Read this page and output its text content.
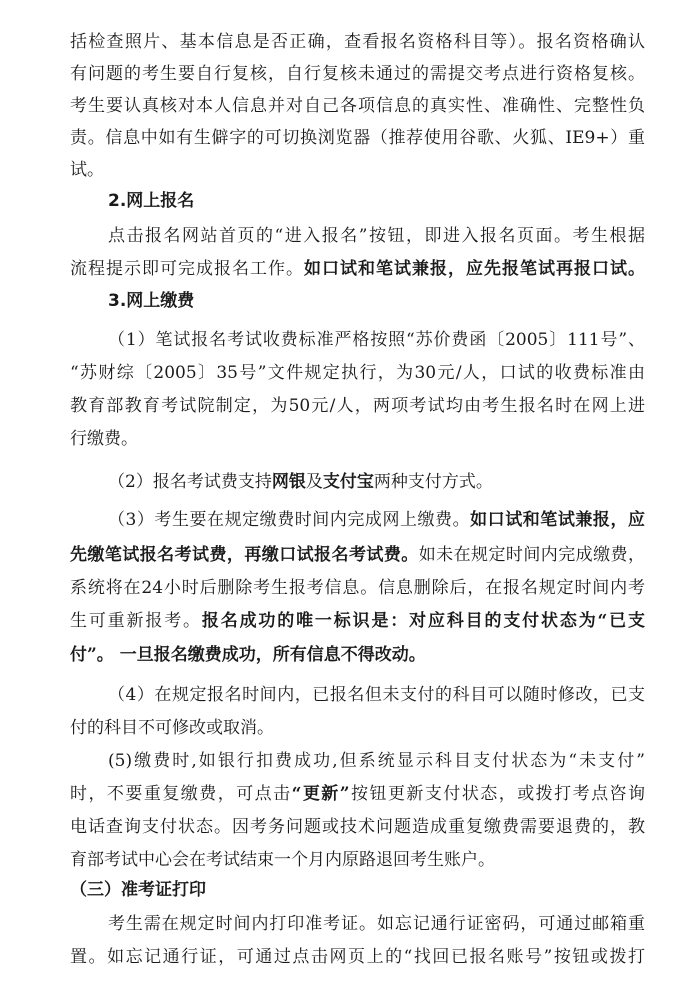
括检查照片、基本信息是否正确，查看报名资格科目等）。报名资格确认
有问题的考生要自行复核，自行复核未通过的需提交考点进行资格复核。
考生要认真核对本人信息并对自己各项信息的真实性、准确性、完整性负
责。信息中如有生僻字的可切换浏览器（推荐使用谷歌、火狐、IE9+）重
试。
2.网上报名
点击报名网站首页的“进入报名”按钮，即进入报名页面。考生根据
流程提示即可完成报名工作。如口试和笔试兼报，应先报笔试再报口试。
3.网上缴费
（1）笔试报名考试收费标准严格按照“苏价费函〔2005〕111号”、
“苏财综〔2005〕35号”文件规定执行，为30元/人，口试的收费标准由
教育部教育考试院制定，为50元/人，两项考试均由考生报名时在网上进
行缴费。
（2）报名考试费支持网银及支付宝两种支付方式。
（3）考生要在规定缴费时间内完成网上缴费。如口试和笔试兼报，应
先缴笔试报名考试费，再缴口试报名考试费。如未在规定时间内完成缴费，
系统将在24小时后删除考生报考信息。信息删除后，在报名规定时间内考
生可重新报考。报名成功的唯一标识是：对应科目的支付状态为“已支
付”。 一旦报名缴费成功，所有信息不得改动。
（4）在规定报名时间内，已报名但未支付的科目可以随时修改，已支
付的科目不可修改或取消。
(5)缴费时,如银行扣费成功,但系统显示科目支付状态为“未支付”
时，不要重复缴费，可点击“更新”按钮更新支付状态，或拨打考点咨询
电话查询支付状态。因考务问题或技术问题造成重复缴费需要退费的，教
育部考试中心会在考试结束一个月内原路退回考生账户。
（三）准考证打印
考生需在规定时间内打印准考证。如忘记通行证密码，可通过邮箱重
置。如忘记通行证，可通过点击网页上的“找回已报名账号”按钮或拨打
